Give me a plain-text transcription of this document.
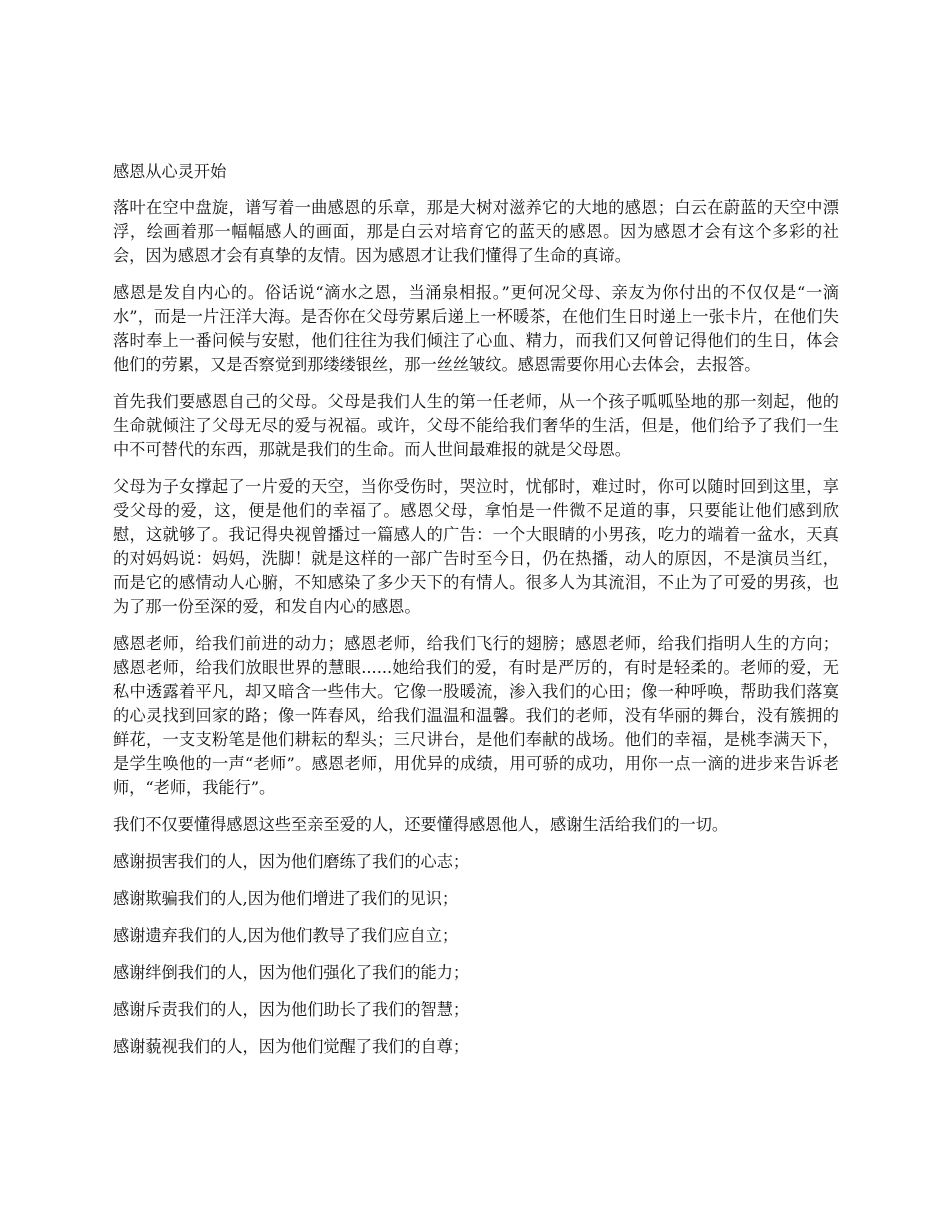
感恩从心灵开始

落叶在空中盘旋，谱写着一曲感恩的乐章，那是大树对滋养它的大地的感恩；白云在蔚蓝的天空中漂浮，绘画着那一幅幅感人的画面，那是白云对培育它的蓝天的感恩。因为感恩才会有这个多彩的社会，因为感恩才会有真挚的友情。因为感恩才让我们懂得了生命的真谛。

感恩是发自内心的。俗话说“滴水之恩，当涌泉相报。”更何况父母、亲友为你付出的不仅仅是“一滴水”，而是一片汪洋大海。是否你在父母劳累后递上一杯暖茶，在他们生日时递上一张卡片，在他们失落时奉上一番问候与安慰，他们往往为我们倾注了心血、精力，而我们又何曾记得他们的生日，体会他们的劳累，又是否察觉到那缕缕银丝，那一丝丝皱纹。感恩需要你用心去体会，去报答。

首先我们要感恩自己的父母。父母是我们人生的第一任老师，从一个孩子呱呱坠地的那一刻起，他的生命就倾注了父母无尽的爱与祝福。或许，父母不能给我们奢华的生活，但是，他们给予了我们一生中不可替代的东西，那就是我们的生命。而人世间最难报的就是父母恩。

父母为子女撑起了一片爱的天空，当你受伤时，哭泣时，忧郁时，难过时，你可以随时回到这里，享受父母的爱，这，便是他们的幸福了。感恩父母，拿怕是一件微不足道的事，只要能让他们感到欣慰，这就够了。我记得央视曾播过一篇感人的广告：一个大眼睛的小男孩，吃力的端着一盆水，天真的对妈妈说：妈妈，洗脚！就是这样的一部广告时至今日，仍在热播，动人的原因，不是演员当红，而是它的感情动人心腑，不知感染了多少天下的有情人。很多人为其流泪，不止为了可爱的男孩，也为了那一份至深的爱，和发自内心的感恩。

感恩老师，给我们前进的动力；感恩老师，给我们飞行的翅膀；感恩老师，给我们指明人生的方向；感恩老师，给我们放眼世界的慧眼......她给我们的爱，有时是严厉的，有时是轻柔的。老师的爱，无私中透露着平凡，却又暗含一些伟大。它像一股暖流，渗入我们的心田；像一种呼唤，帮助我们落寞的心灵找到回家的路；像一阵春风，给我们温温和温馨。我们的老师，没有华丽的舞台，没有簇拥的鲜花，一支支粉笔是他们耕耘的犁头；三尺讲台，是他们奉献的战场。他们的幸福，是桃李满天下，是学生唤他的一声“老师”。感恩老师，用优异的成绩，用可骄的成功，用你一点一滴的进步来告诉老师，“老师，我能行”。

我们不仅要懂得感恩这些至亲至爱的人，还要懂得感恩他人，感谢生活给我们的一切。

感谢损害我们的人，因为他们磨练了我们的心志；

感谢欺骗我们的人,因为他们增进了我们的见识；

感谢遗弃我们的人,因为他们教导了我们应自立；

感谢绊倒我们的人，因为他们强化了我们的能力；

感谢斥责我们的人，因为他们助长了我们的智慧；

感谢藐视我们的人，因为他们觉醒了我们的自尊；
